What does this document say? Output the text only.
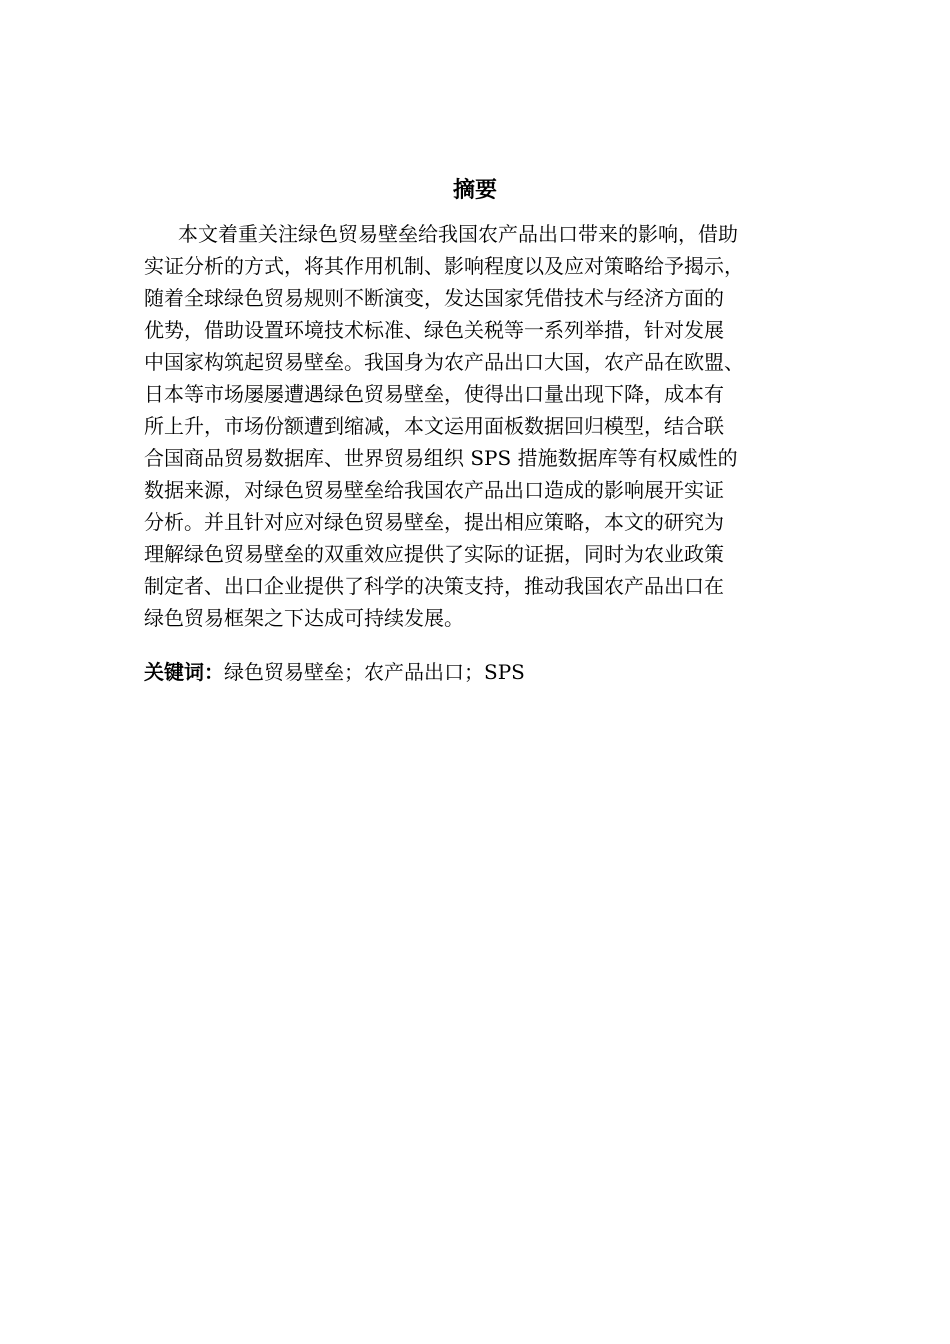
摘要
本文着重关注绿色贸易壁垒给我国农产品出口带来的影响，借助
实证分析的方式，将其作用机制、影响程度以及应对策略给予揭示，
随着全球绿色贸易规则不断演变，发达国家凭借技术与经济方面的
优势，借助设置环境技术标准、绿色关税等一系列举措，针对发展
中国家构筑起贸易壁垒。我国身为农产品出口大国，农产品在欧盟、
日本等市场屡屡遭遇绿色贸易壁垒，使得出口量出现下降，成本有
所上升，市场份额遭到缩减，本文运用面板数据回归模型，结合联
合国商品贸易数据库、世界贸易组织 SPS 措施数据库等有权威性的
数据来源，对绿色贸易壁垒给我国农产品出口造成的影响展开实证
分析。并且针对应对绿色贸易壁垒，提出相应策略，本文的研究为
理解绿色贸易壁垒的双重效应提供了实际的证据，同时为农业政策
制定者、出口企业提供了科学的决策支持，推动我国农产品出口在
绿色贸易框架之下达成可持续发展。

关键词：绿色贸易壁垒；农产品出口；SPS
